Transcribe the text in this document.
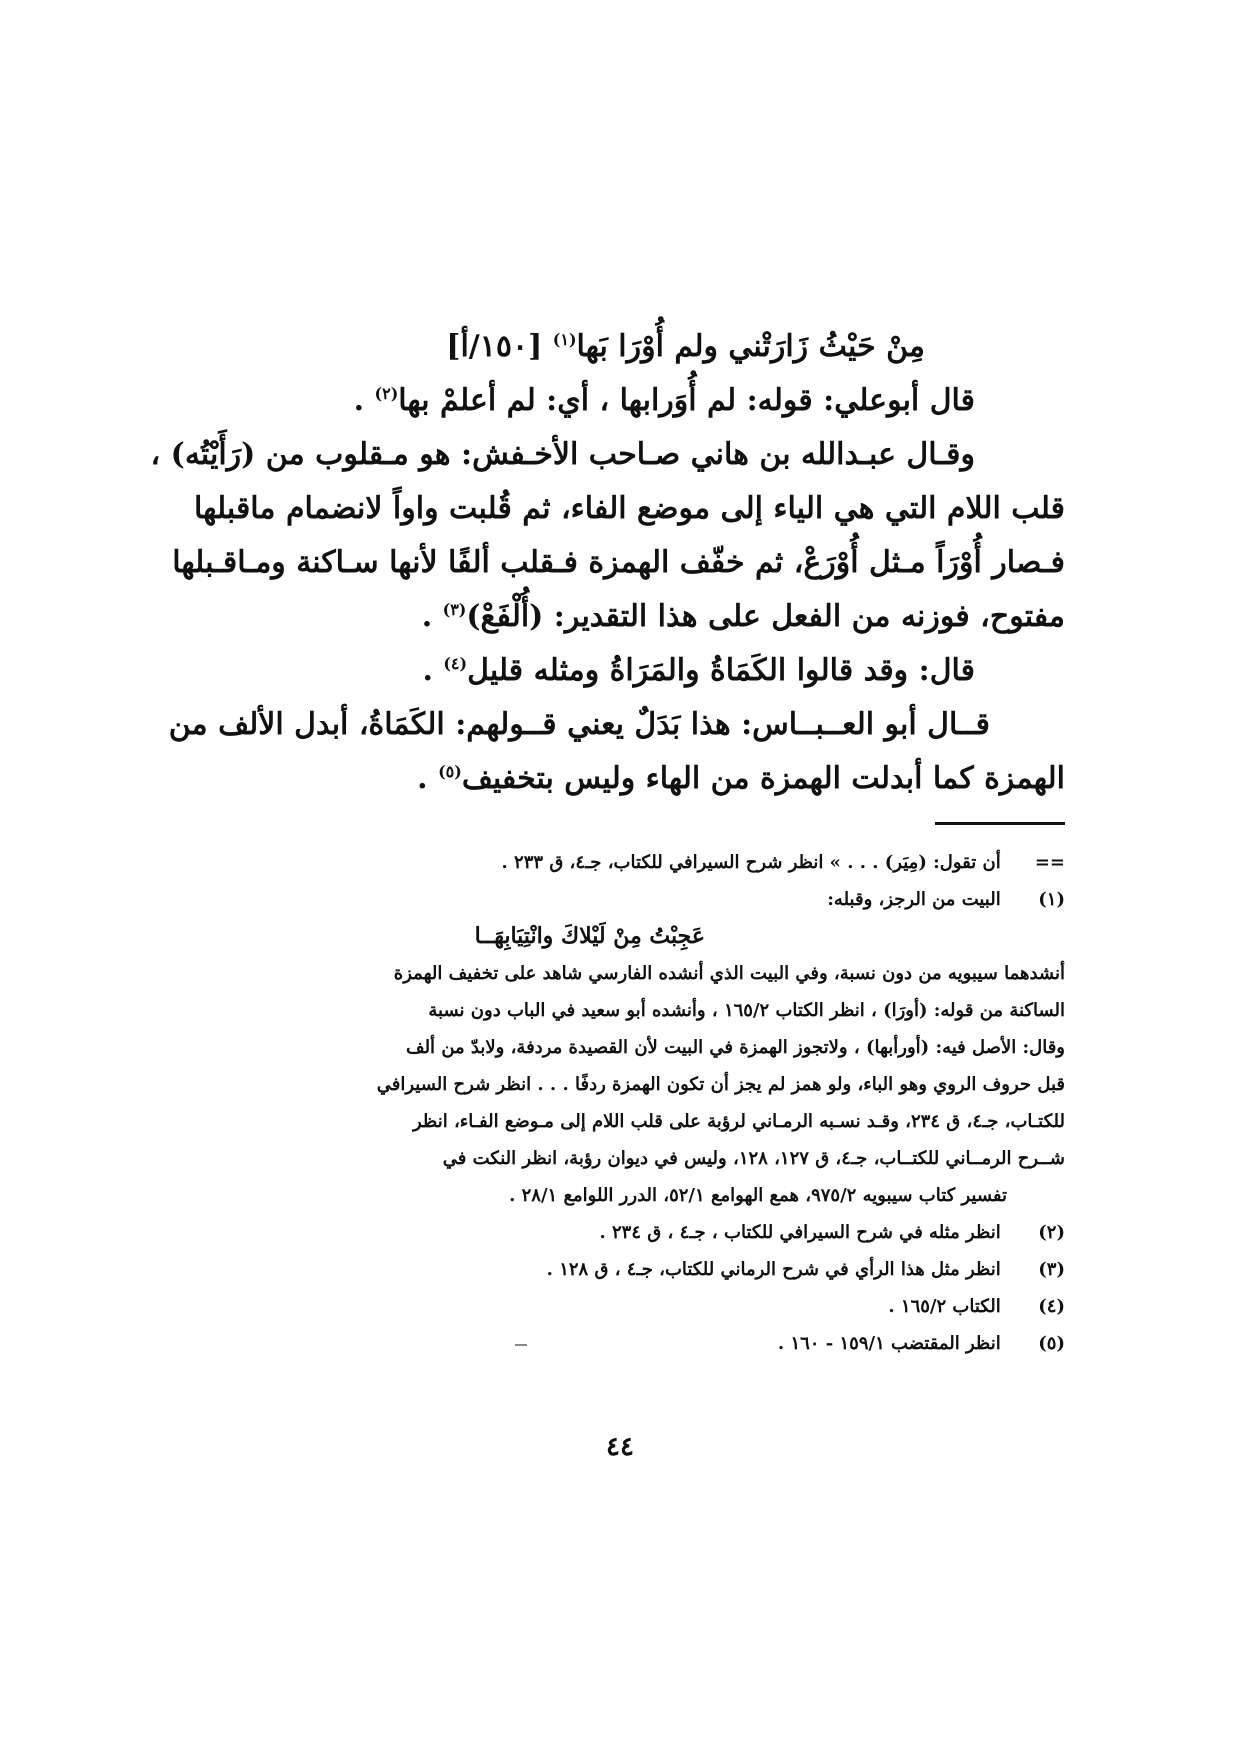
مِنْ حَيْثُ زَارَتْني ولم أُوْرَا بَها$^{(١)}$ [١٥٠/أ]
قال أبوعلي: قوله: لم أُوَرابها ، أي: لم أعلمْ بها$^{(٢)}$ .
وقـال عبـدالله بن هاني صـاحب الأخـفش: هو مـقلوب من (رَأَيْتُه) ،
قلب اللام التي هي الياء إلى موضع الفاء، ثم قُلبت واواً لانضمام ماقبلها
فـصار أُوْرَاً مـثل أُوْرَعْ، ثم خفّف الهمزة فـقلب ألفًا لأنها سـاكنة ومـاقـبلها
مفتوح، فوزنه من الفعل على هذا التقدير: (أُلْفَعْ)$^{(٣)}$ .
قال: وقد قالوا الكَمَاةُ والمَرَاةُ ومثله قليل$^{(٤)}$ .
قــال أبو العــبــاس: هذا بَدَلٌ يعني قــولهم: الكَمَاةُ، أبدل الألف من
الهمزة كما أبدلت الهمزة من الهاء وليس بتخفيف$^{(٥)}$ .
== أن تقول: (مِيَر) . . . » انظر شرح السيرافي للكتاب، جـ٤، ق ٢٣٣ .
(١) البيت من الرجز، وقبله:
عَجِبْتُ مِنْ لَيْلاكَ وانْتِيَابِهَــا
أنشدهما سيبويه من دون نسبة، وفي البيت الذي أنشده الفارسي شاهد على تخفيف الهمزة
الساكنة من قوله: (أورَا) ، انظر الكتاب ١٦٥/٢ ، وأنشده أبو سعيد في الباب دون نسبة
وقال: الأصل فيه: (أورأبها) ، ولاتجوز الهمزة في البيت لأن القصيدة مردفة، ولابدّ من ألف
قبل حروف الروي وهو الباء، ولو همز لم يجز أن تكون الهمزة ردفًا . . . انظر شرح السيرافي
للكتـاب، جـ٤، ق ٢٣٤، وقـد نسـبه الرمـاني لرؤبة على قلب اللام إلى مـوضع الفـاء، انظر
شــرح الرمــاني للكتــاب، جـ٤، ق ١٢٧، ١٢٨، وليس في ديوان رؤبة، انظر النكت في
تفسير كتاب سيبويه ٩٧٥/٢، همع الهوامع ٥٢/١، الدرر اللوامع ٢٨/١ .
(٢) انظر مثله في شرح السيرافي للكتاب ، جـ٤ ، ق ٢٣٤ .
(٣) انظر مثل هذا الرأي في شرح الرماني للكتاب، جـ٤ ، ق ١٢٨ .
(٤) الكتاب ١٦٥/٢ .
(٥) انظر المقتضب ١٥٩/١ - ١٦٠ .
٤٤
